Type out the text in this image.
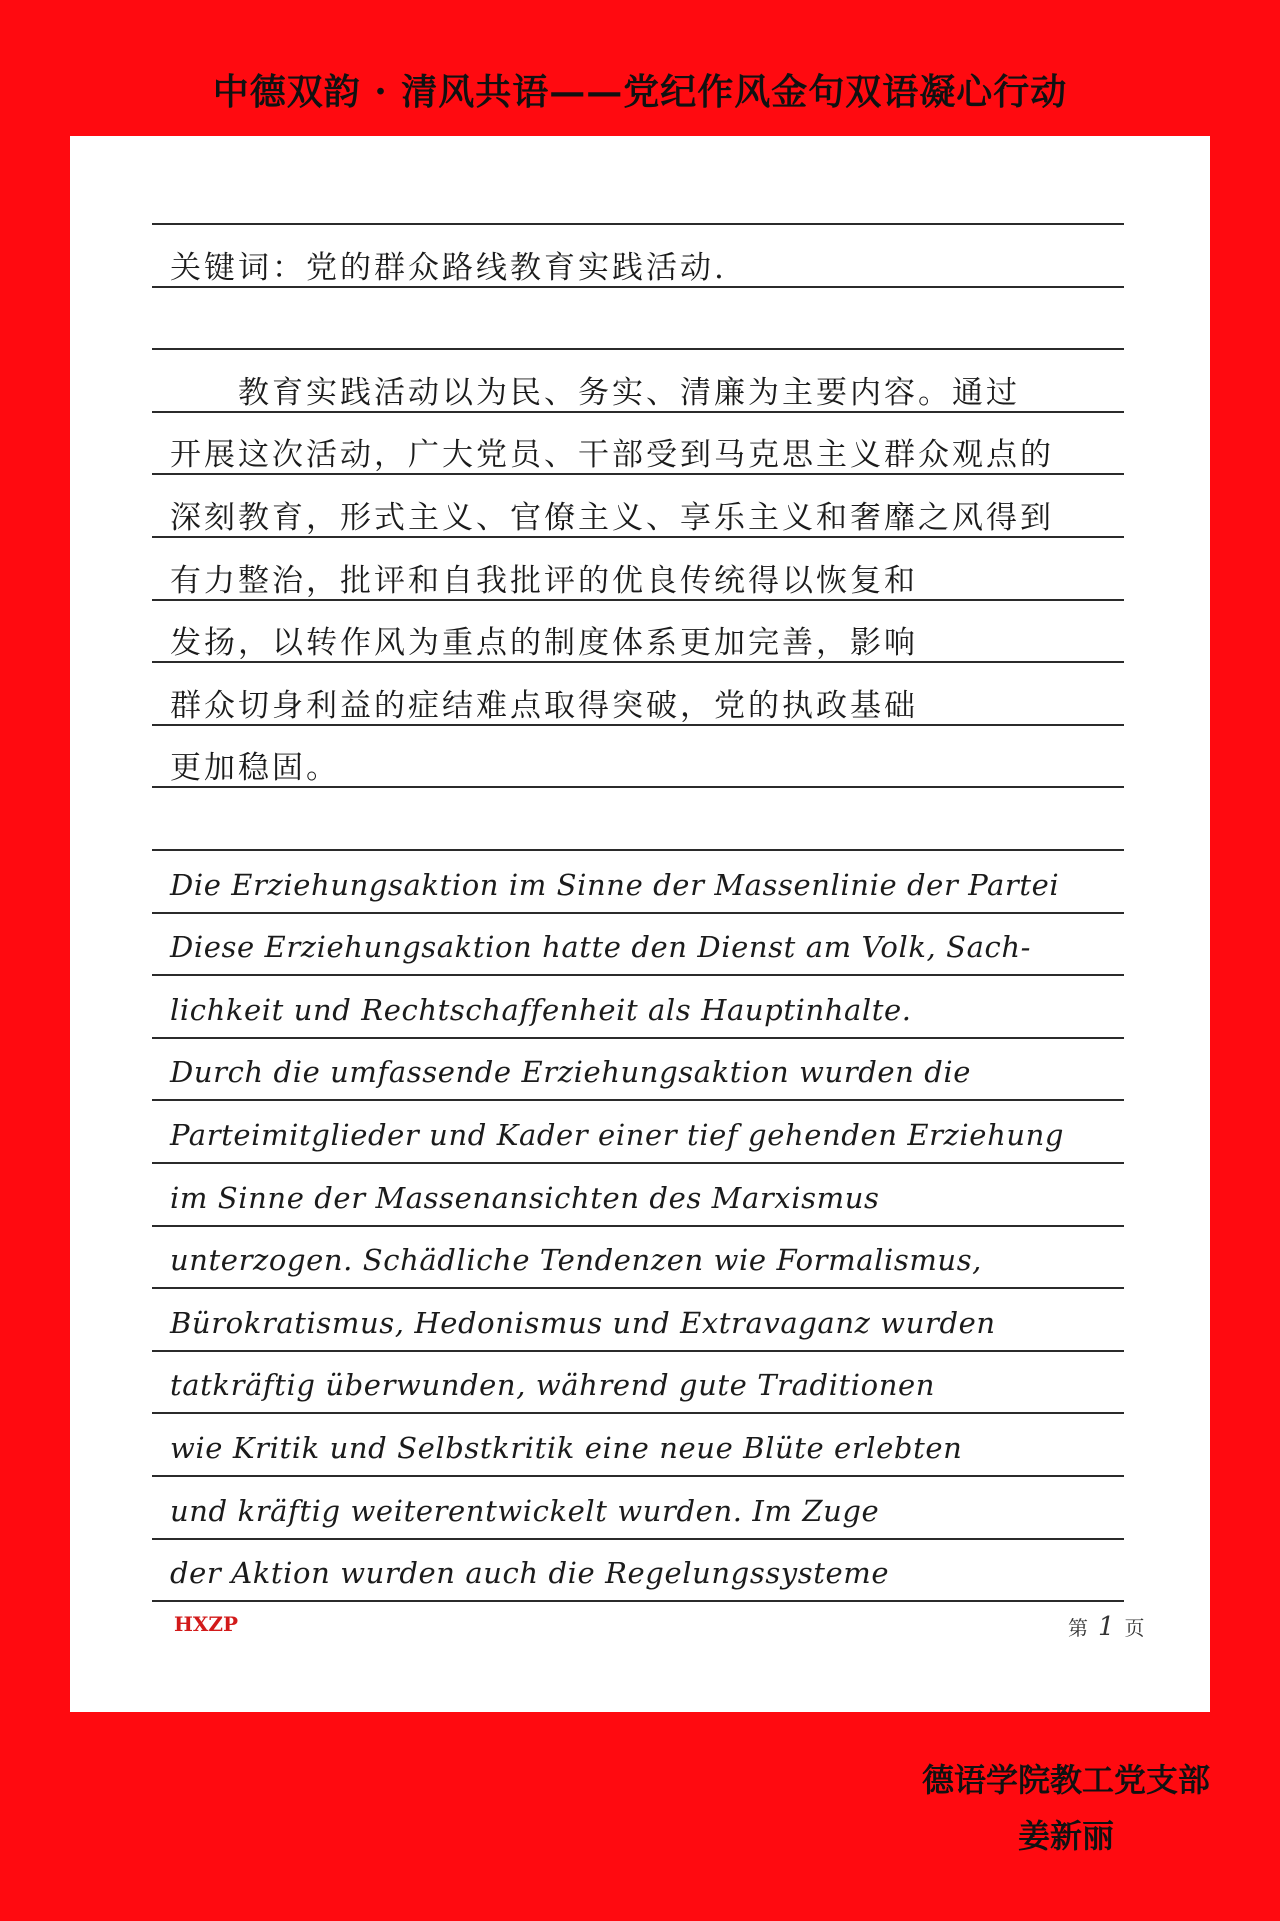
中德双韵 · 清风共语——党纪作风金句双语凝心行动
关键词：党的群众路线教育实践活动.
　　教育实践活动以为民、务实、清廉为主要内容。通过
开展这次活动，广大党员、干部受到马克思主义群众观点的
深刻教育，形式主义、官僚主义、享乐主义和奢靡之风得到
有力整治，批评和自我批评的优良传统得以恢复和
发扬，以转作风为重点的制度体系更加完善，影响
群众切身利益的症结难点取得突破，党的执政基础
更加稳固。
Die Erziehungsaktion im Sinne der Massenlinie der Partei
Diese Erziehungsaktion hatte den Dienst am Volk, Sach-
lichkeit und Rechtschaffenheit als Hauptinhalte.
Durch die umfassende Erziehungsaktion wurden die
Parteimitglieder und Kader einer tief gehenden Erziehung
im Sinne der Massenansichten des Marxismus
unterzogen. Schädliche Tendenzen wie Formalismus,
Bürokratismus, Hedonismus und Extravaganz wurden
tatkräftig überwunden, während gute Traditionen
wie Kritik und Selbstkritik eine neue Blüte erlebten
und kräftig weiterentwickelt wurden. Im Zuge
der Aktion wurden auch die Regelungssysteme
HXZP	第 1 页
德语学院教工党支部
姜新丽
